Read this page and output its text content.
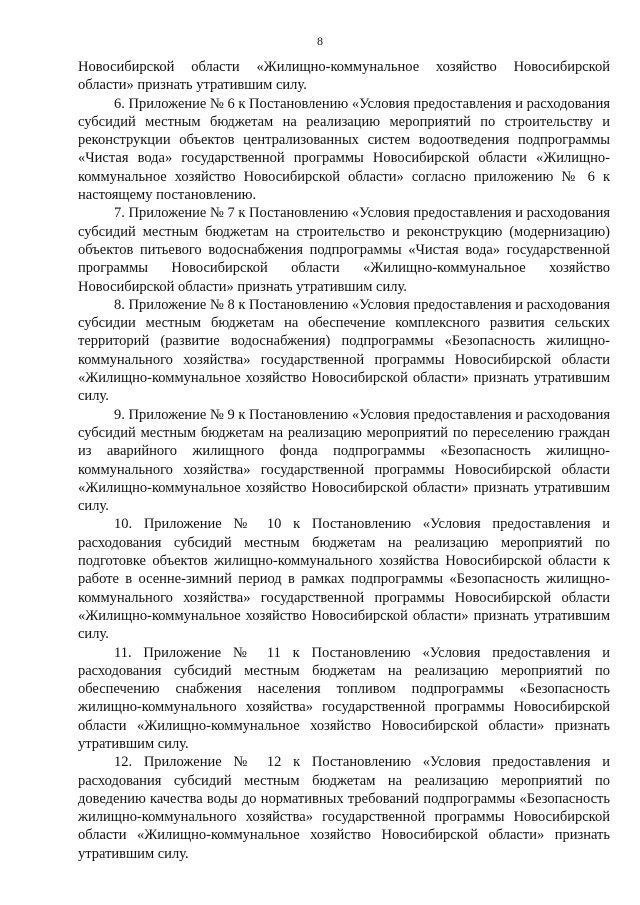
8

Новосибирской области «Жилищно-коммунальное хозяйство Новосибирской области» признать утратившим силу.

6. Приложение № 6 к Постановлению «Условия предоставления и расходования субсидий местным бюджетам на реализацию мероприятий по строительству и реконструкции объектов централизованных систем водоотведения подпрограммы «Чистая вода» государственной программы Новосибирской области «Жилищно-коммунальное хозяйство Новосибирской области» согласно приложению № 6 к настоящему постановлению.

7. Приложение № 7 к Постановлению «Условия предоставления и расходования субсидий местным бюджетам на строительство и реконструкцию (модернизацию) объектов питьевого водоснабжения подпрограммы «Чистая вода» государственной программы Новосибирской области «Жилищно-коммунальное хозяйство Новосибирской области» признать утратившим силу.

8. Приложение № 8 к Постановлению «Условия предоставления и расходования субсидии местным бюджетам на обеспечение комплексного развития сельских территорий (развитие водоснабжения) подпрограммы «Безопасность жилищно-коммунального хозяйства» государственной программы Новосибирской области «Жилищно-коммунальное хозяйство Новосибирской области» признать утратившим силу.

9. Приложение № 9 к Постановлению «Условия предоставления и расходования субсидий местным бюджетам на реализацию мероприятий по переселению граждан из аварийного жилищного фонда подпрограммы «Безопасность жилищно-коммунального хозяйства» государственной программы Новосибирской области «Жилищно-коммунальное хозяйство Новосибирской области» признать утратившим силу.

10. Приложение № 10 к Постановлению «Условия предоставления и расходования субсидий местным бюджетам на реализацию мероприятий по подготовке объектов жилищно-коммунального хозяйства Новосибирской области к работе в осенне-зимний период в рамках подпрограммы «Безопасность жилищно-коммунального хозяйства» государственной программы Новосибирской области «Жилищно-коммунальное хозяйство Новосибирской области» признать утратившим силу.

11. Приложение № 11 к Постановлению «Условия предоставления и расходования субсидий местным бюджетам на реализацию мероприятий по обеспечению снабжения населения топливом подпрограммы «Безопасность жилищно-коммунального хозяйства» государственной программы Новосибирской области «Жилищно-коммунальное хозяйство Новосибирской области» признать утратившим силу.

12. Приложение № 12 к Постановлению «Условия предоставления и расходования субсидий местным бюджетам на реализацию мероприятий по доведению качества воды до нормативных требований подпрограммы «Безопасность жилищно-коммунального хозяйства» государственной программы Новосибирской области «Жилищно-коммунальное хозяйство Новосибирской области» признать утратившим силу.
